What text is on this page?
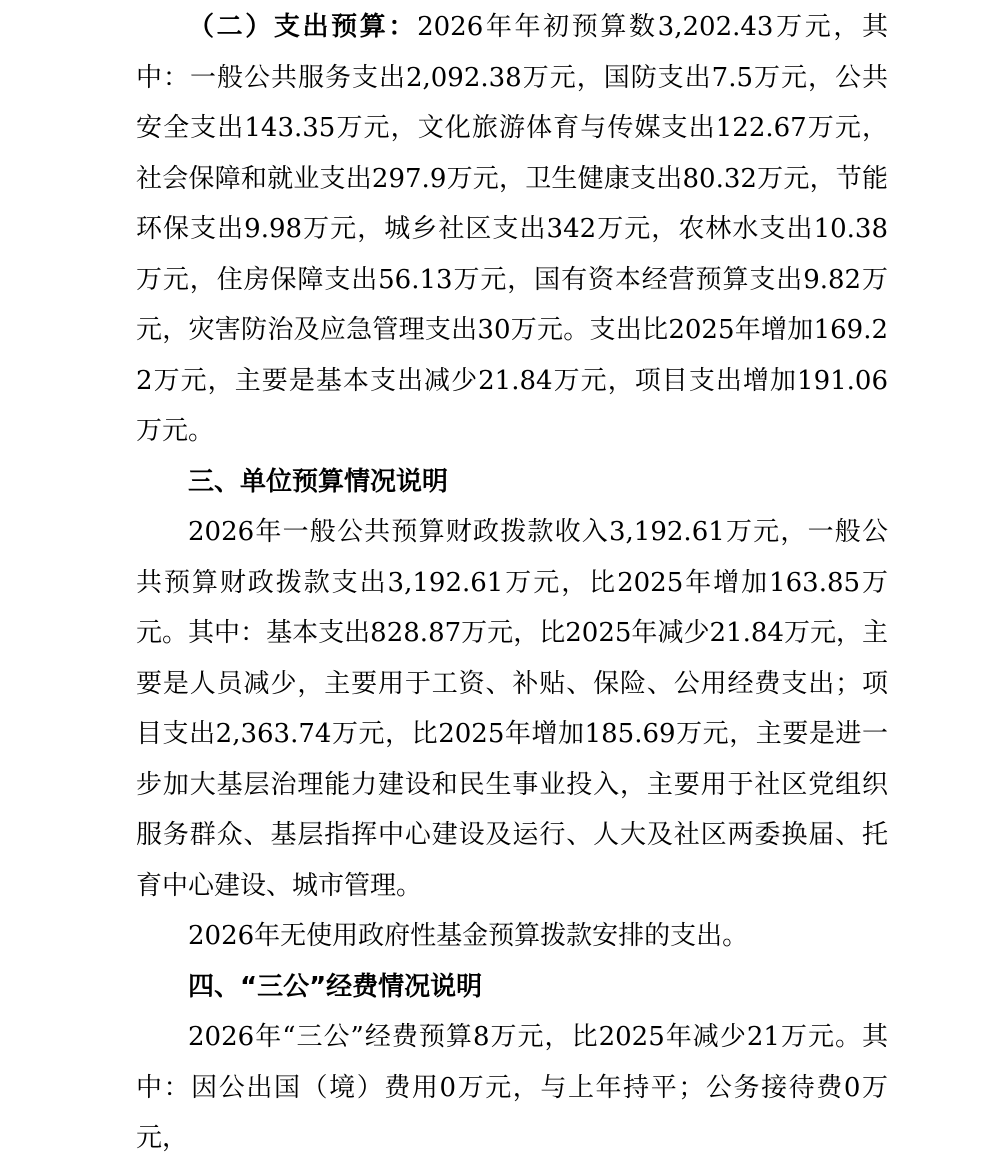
（二）支出预算：2026年年初预算数3,202.43万元，其中：一般公共服务支出2,092.38万元，国防支出7.5万元，公共安全支出143.35万元，文化旅游体育与传媒支出122.67万元，社会保障和就业支出297.9万元，卫生健康支出80.32万元，节能环保支出9.98万元，城乡社区支出342万元，农林水支出10.38万元，住房保障支出56.13万元，国有资本经营预算支出9.82万元，灾害防治及应急管理支出30万元。支出比2025年增加169.22万元，主要是基本支出减少21.84万元，项目支出增加191.06万元。

三、单位预算情况说明

2026年一般公共预算财政拨款收入3,192.61万元，一般公共预算财政拨款支出3,192.61万元，比2025年增加163.85万元。其中：基本支出828.87万元，比2025年减少21.84万元，主要是人员减少，主要用于工资、补贴、保险、公用经费支出；项目支出2,363.74万元，比2025年增加185.69万元，主要是进一步加大基层治理能力建设和民生事业投入，主要用于社区党组织服务群众、基层指挥中心建设及运行、人大及社区两委换届、托育中心建设、城市管理。

2026年无使用政府性基金预算拨款安排的支出。

四、“三公”经费情况说明

2026年“三公”经费预算8万元，比2025年减少21万元。其中：因公出国（境）费用0万元，与上年持平；公务接待费0万元，
